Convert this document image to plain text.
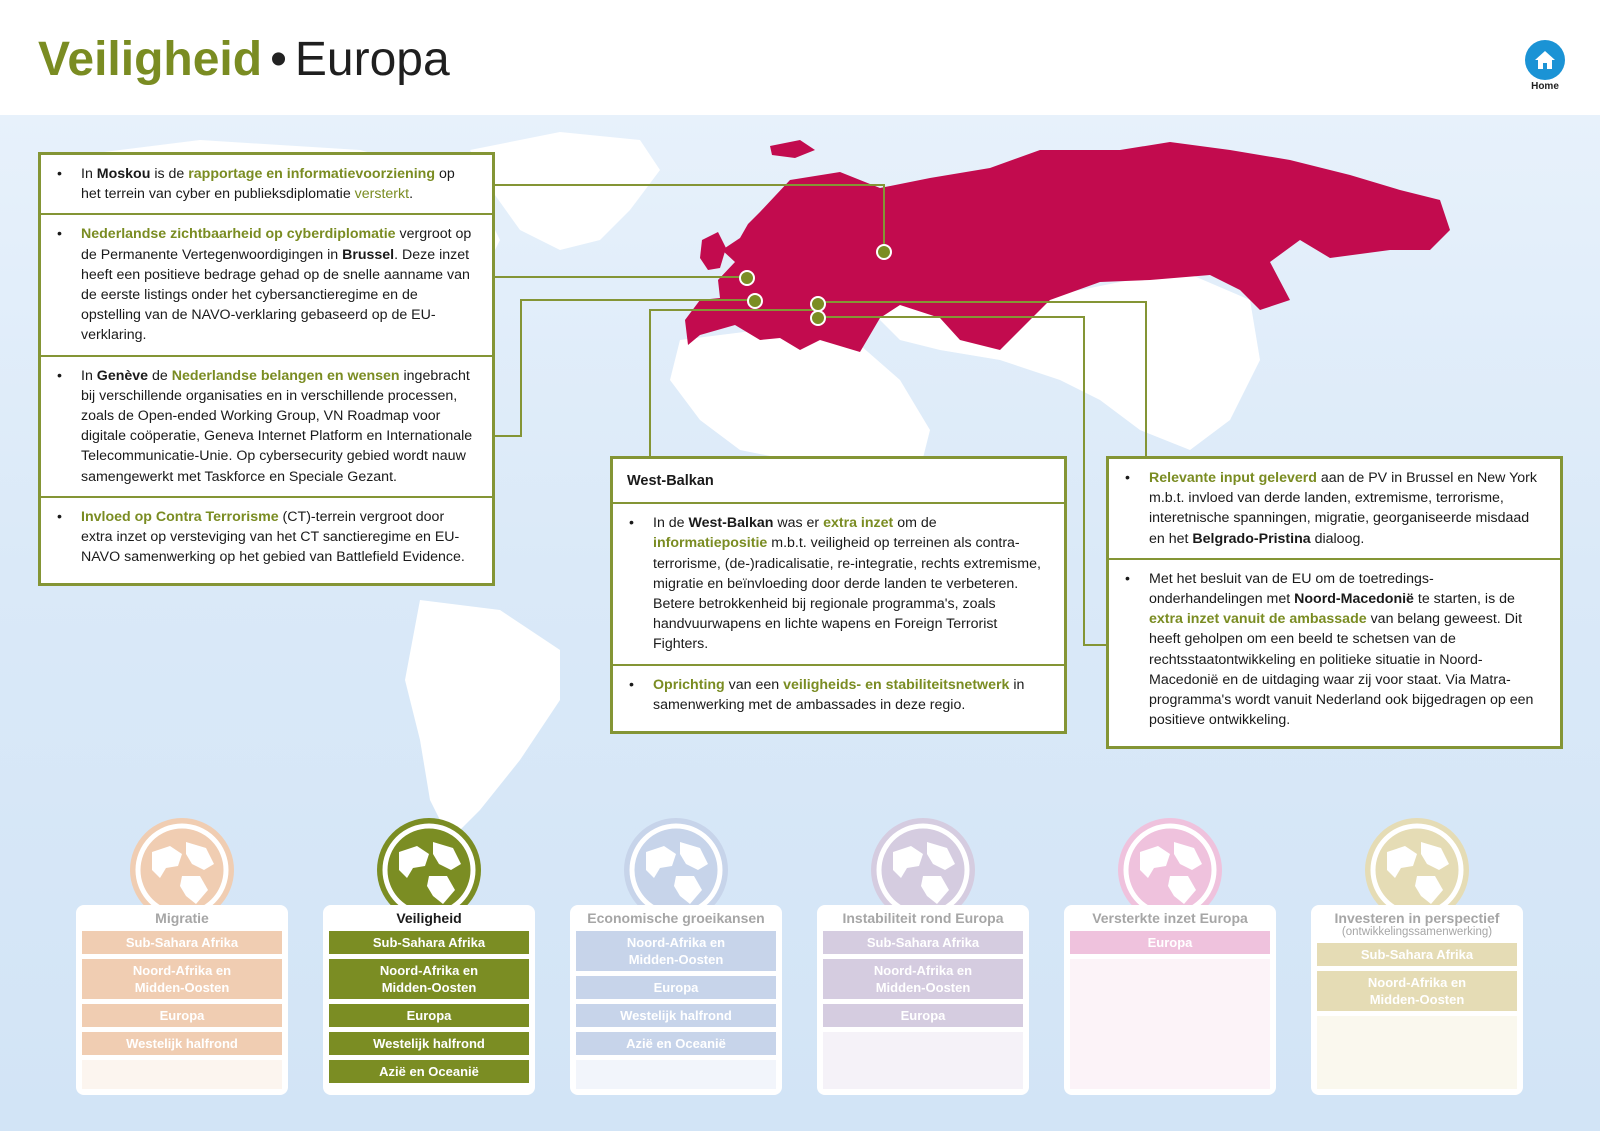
Veiligheid • Europa
Home
• In Moskou is de rapportage en informatievoorziening op het terrein van cyber en publieksdiplomatie versterkt.
• Nederlandse zichtbaarheid op cyberdiplomatie vergroot op de Permanente Vertegenwoordigingen in Brussel. Deze inzet heeft een positieve bedrage gehad op de snelle aanname van de eerste listings onder het cybersanctieregime en de opstelling van de NAVO-verklaring gebaseerd op de EU-verklaring.
• In Genève de Nederlandse belangen en wensen ingebracht bij verschillende organisaties en in verschillende processen, zoals de Open-ended Working Group, VN Roadmap voor digitale coöperatie, Geneva Internet Platform en Internationale Telecommunicatie-Unie. Op cybersecurity gebied wordt nauw samengewerkt met Taskforce en Speciale Gezant.
• Invloed op Contra Terrorisme (CT)-terrein vergroot door extra inzet op versteviging van het CT sanctieregime en EU-NAVO samenwerking op het gebied van Battlefield Evidence.
West-Balkan
• In de West-Balkan was er extra inzet om de informatiepositie m.b.t. veiligheid op terreinen als contra-terrorisme, (de-)radicalisatie, re-integratie, rechts extremisme, migratie en beïnvloeding door derde landen te verbeteren. Betere betrokkenheid bij regionale programma's, zoals handvuurwapens en lichte wapens en Foreign Terrorist Fighters.
• Oprichting van een veiligheids- en stabiliteitsnetwerk in samenwerking met de ambassades in deze regio.
• Relevante input geleverd aan de PV in Brussel en New York m.b.t. invloed van derde landen, extremisme, terrorisme, interetnische spanningen, migratie, georganiseerde misdaad en het Belgrado-Pristina dialoog.
• Met het besluit van de EU om de toetredings-onderhandelingen met Noord-Macedonië te starten, is de extra inzet vanuit de ambassade van belang geweest. Dit heeft geholpen om een beeld te schetsen van de rechtsstaatontwikkeling en politieke situatie in Noord-Macedonië en de uitdaging waar zij voor staat. Via Matra-programma's wordt vanuit Nederland ook bijgedragen op een positieve ontwikkeling.
Migratie
Sub-Sahara Afrika
Noord-Afrika en
Midden-Oosten
Europa
Westelijk halfrond
Veiligheid
Sub-Sahara Afrika
Noord-Afrika en
Midden-Oosten
Europa
Westelijk halfrond
Azië en Oceanië
Economische groeikansen
Noord-Afrika en
Midden-Oosten
Europa
Westelijk halfrond
Azië en Oceanië
Instabiliteit rond Europa
Sub-Sahara Afrika
Noord-Afrika en
Midden-Oosten
Europa
Versterkte inzet Europa
Europa
Investeren in perspectief
(ontwikkelingssamenwerking)
Sub-Sahara Afrika
Noord-Afrika en
Midden-Oosten
